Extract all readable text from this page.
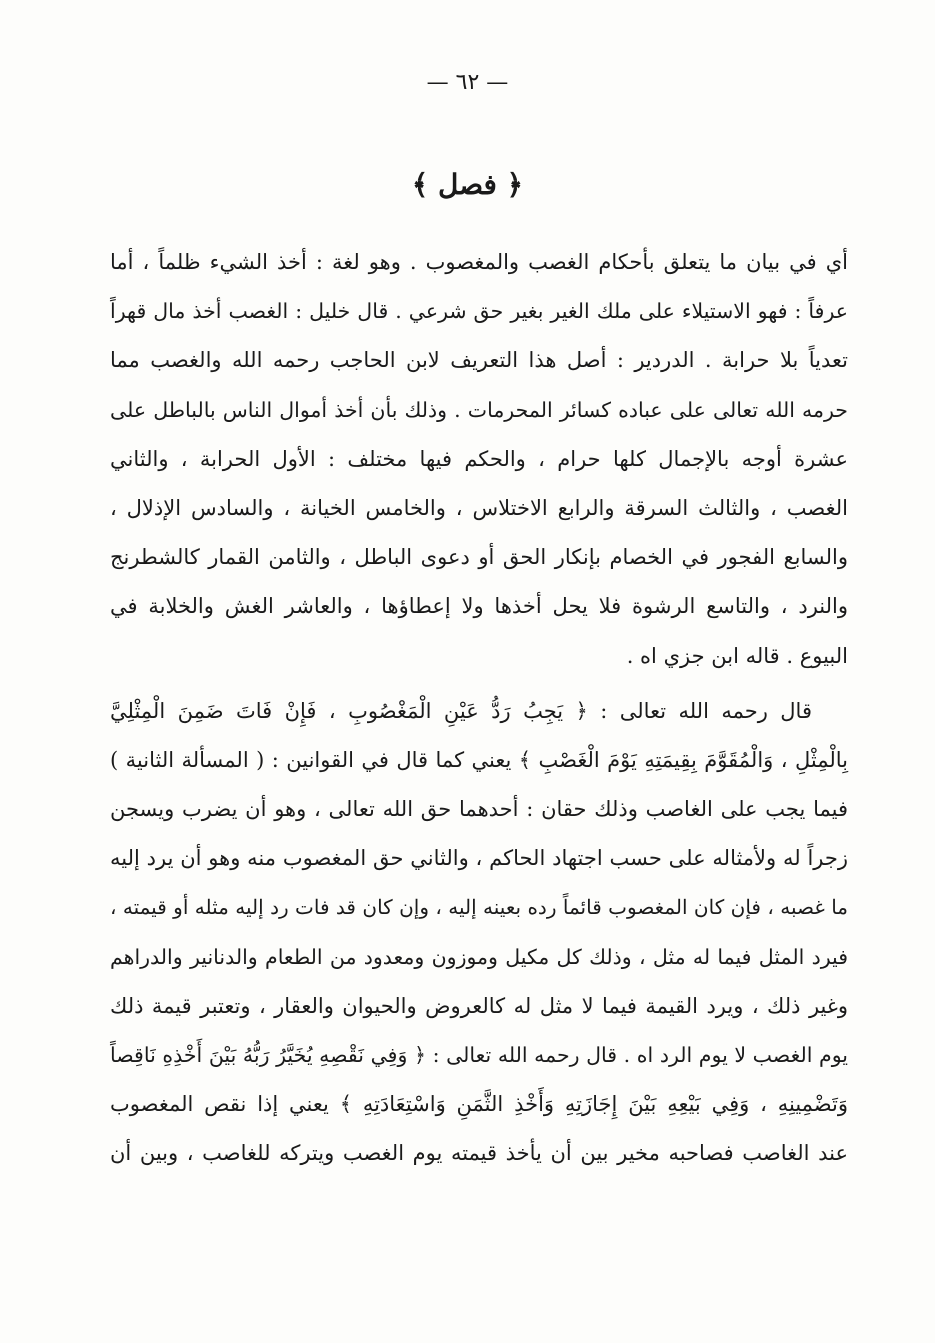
— ٦٢ —
﴿ فصل ﴾
أي في بيان ما يتعلق بأحكام الغصب والمغصوب . وهو لغة : أخذ الشيء ظلماً ، أما
عرفاً : فهو الاستيلاء على ملك الغير بغير حق شرعي . قال خليل : الغصب أخذ مال قهراً
تعدياً بلا حرابة . الدردير : أصل هذا التعريف لابن الحاجب رحمه الله والغصب مما
حرمه الله تعالى على عباده كسائر المحرمات . وذلك بأن أخذ أموال الناس بالباطل على
عشرة أوجه بالإجمال كلها حرام ، والحكم فيها مختلف : الأول الحرابة ، والثاني
الغصب ، والثالث السرقة والرابع الاختلاس ، والخامس الخيانة ، والسادس الإذلال ،
والسابع الفجور في الخصام بإنكار الحق أو دعوى الباطل ، والثامن القمار كالشطرنج
والنرد ، والتاسع الرشوة فلا يحل أخذها ولا إعطاؤها ، والعاشر الغش والخلابة في
البيوع . قاله ابن جزي اه .
قال رحمه الله تعالى : ﴿ يَجِبُ رَدُّ عَيْنِ الْمَغْصُوبِ ، فَإِنْ فَاتَ ضَمِنَ الْمِثْلِيَّ
بِالْمِثْلِ ، وَالْمُقَوَّمَ بِقِيمَتِهِ يَوْمَ الْغَصْبِ ﴾ يعني كما قال في القوانين : ( المسألة الثانية )
فيما يجب على الغاصب وذلك حقان : أحدهما حق الله تعالى ، وهو أن يضرب ويسجن
زجراً له ولأمثاله على حسب اجتهاد الحاكم ، والثاني حق المغصوب منه وهو أن يرد إليه
ما غصبه ، فإن كان المغصوب قائماً رده بعينه إليه ، وإن كان قد فات رد إليه مثله أو قيمته ،
فيرد المثل فيما له مثل ، وذلك كل مكيل وموزون ومعدود من الطعام والدنانير والدراهم
وغير ذلك ، ويرد القيمة فيما لا مثل له كالعروض والحيوان والعقار ، وتعتبر قيمة ذلك
يوم الغصب لا يوم الرد اه . قال رحمه الله تعالى : ﴿ وَفِي نَقْصِهِ يُخَيَّرُ رَبُّهُ بَيْنَ أَخْذِهِ نَاقِصاً
وَتَضْمِينِهِ ، وَفِي بَيْعِهِ بَيْنَ إِجَازَتِهِ وَأَخْذِ الثَّمَنِ وَاسْتِعَادَتِهِ ﴾ يعني إذا نقص المغصوب
عند الغاصب فصاحبه مخير بين أن يأخذ قيمته يوم الغصب ويتركه للغاصب ، وبين أن
